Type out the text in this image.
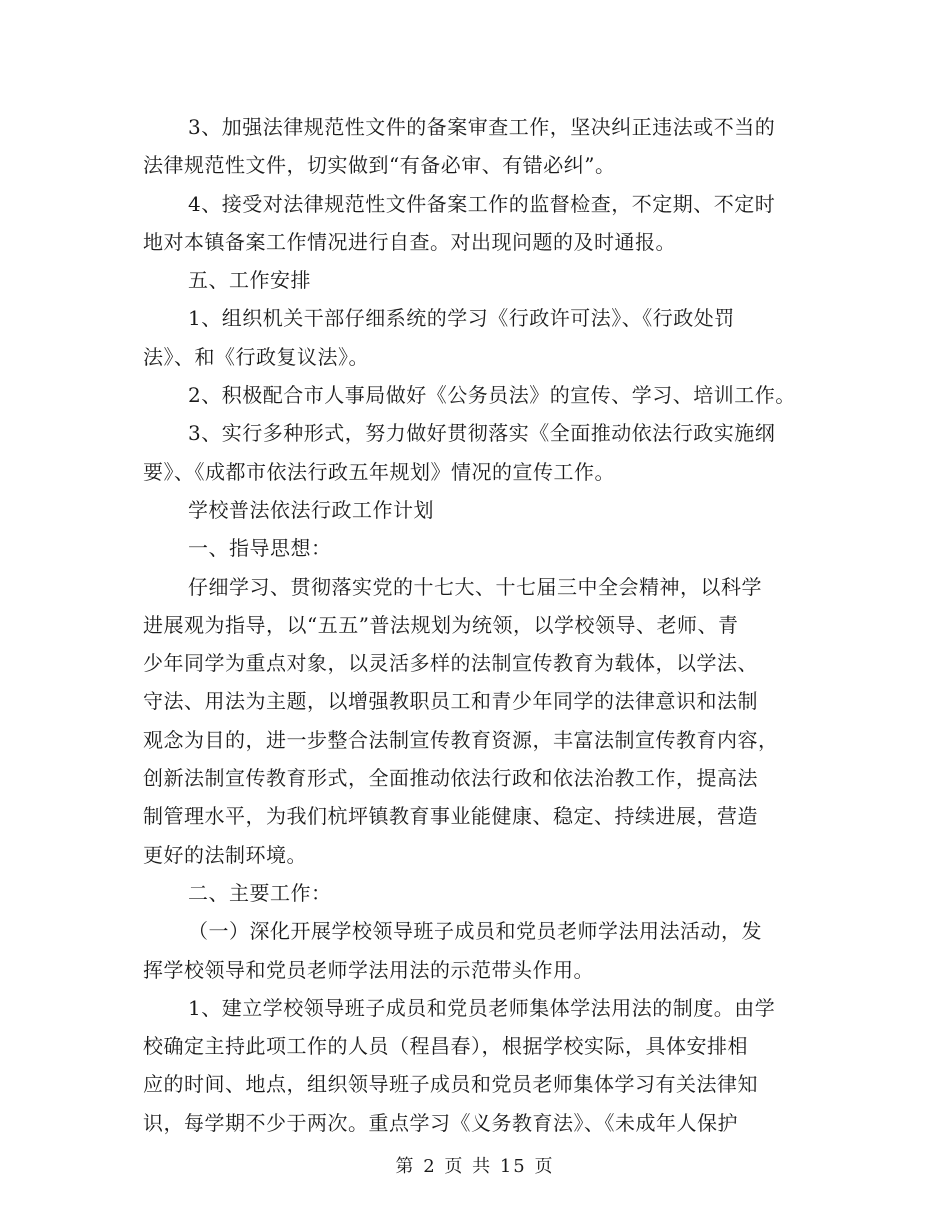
3、加强法律规范性文件的备案审查工作，坚决纠正违法或不当的
法律规范性文件，切实做到“有备必审、有错必纠”。
4、接受对法律规范性文件备案工作的监督检查，不定期、不定时
地对本镇备案工作情况进行自查。对出现问题的及时通报。
五、工作安排
1、组织机关干部仔细系统的学习《行政许可法》、《行政处罚
法》、和《行政复议法》。
2、积极配合市人事局做好《公务员法》的宣传、学习、培训工作。
3、实行多种形式，努力做好贯彻落实《全面推动依法行政实施纲
要》、《成都市依法行政五年规划》情况的宣传工作。
学校普法依法行政工作计划
一、指导思想：
仔细学习、贯彻落实党的十七大、十七届三中全会精神，以科学
进展观为指导，以“五五”普法规划为统领，以学校领导、老师、青
少年同学为重点对象，以灵活多样的法制宣传教育为载体，以学法、
守法、用法为主题，以增强教职员工和青少年同学的法律意识和法制
观念为目的，进一步整合法制宣传教育资源，丰富法制宣传教育内容，
创新法制宣传教育形式，全面推动依法行政和依法治教工作，提高法
制管理水平，为我们杭坪镇教育事业能健康、稳定、持续进展，营造
更好的法制环境。
二、主要工作：
（一）深化开展学校领导班子成员和党员老师学法用法活动，发
挥学校领导和党员老师学法用法的示范带头作用。
1、建立学校领导班子成员和党员老师集体学法用法的制度。由学
校确定主持此项工作的人员（程昌春），根据学校实际，具体安排相
应的时间、地点，组织领导班子成员和党员老师集体学习有关法律知
识，每学期不少于两次。重点学习《义务教育法》、《未成年人保护
第 2 页 共 15 页
